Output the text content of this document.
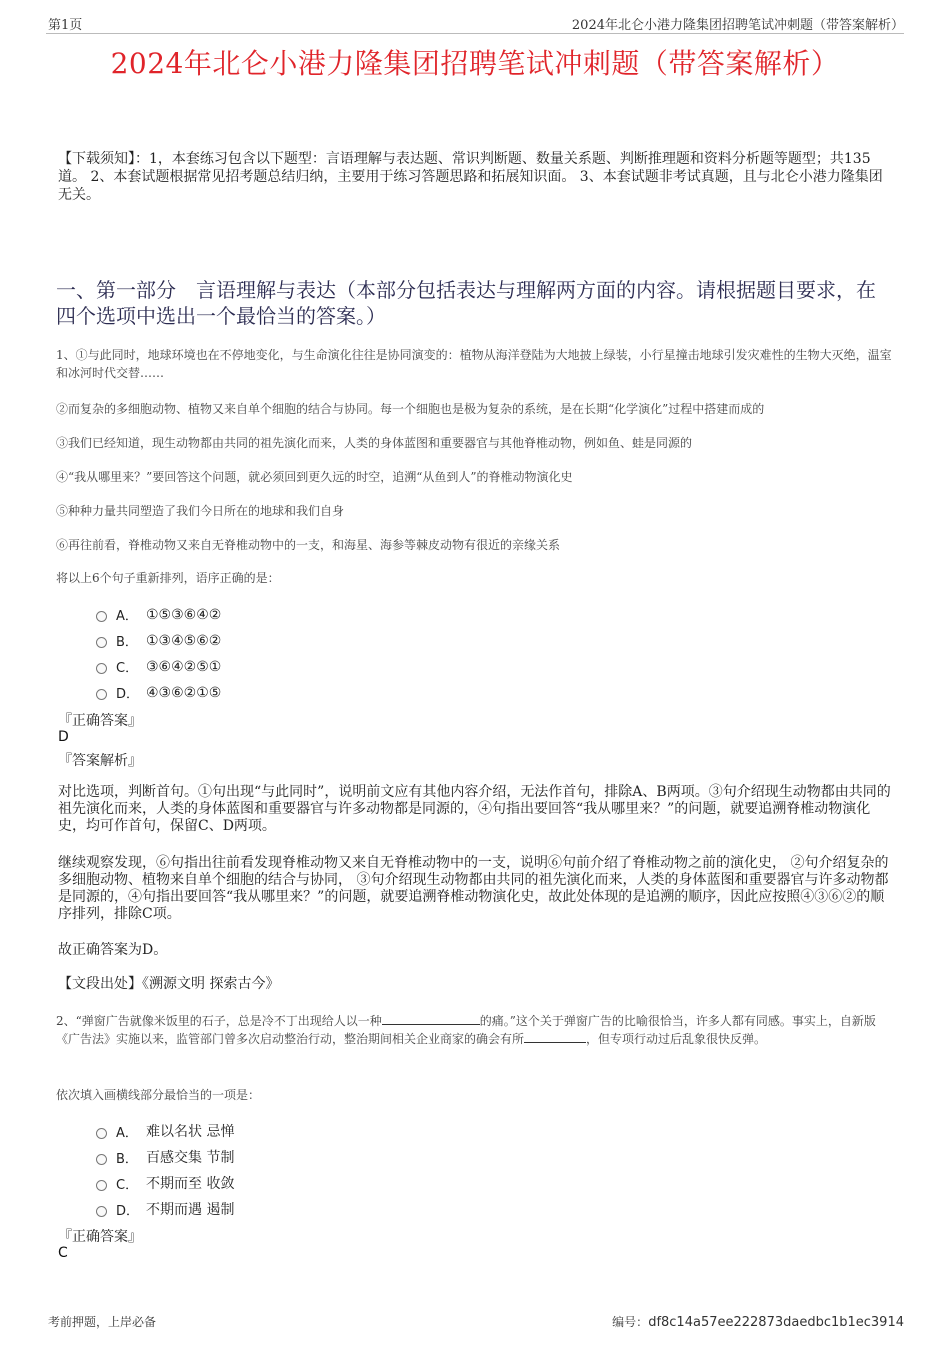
第1页	2024年北仑小港力隆集团招聘笔试冲刺题（带答案解析）
2024年北仑小港力隆集团招聘笔试冲刺题（带答案解析）
【下载须知】：1，本套练习包含以下题型：言语理解与表达题、常识判断题、数量关系题、判断推理题和资料分析题等题型；共135道。 2、本套试题根据常见招考题总结归纳，主要用于练习答题思路和拓展知识面。 3、本套试题非考试真题，且与北仑小港力隆集团无关。
一、第一部分　言语理解与表达（本部分包括表达与理解两方面的内容。请根据题目要求，在四个选项中选出一个最恰当的答案。）
1、①与此同时，地球环境也在不停地变化，与生命演化往往是协同演变的：植物从海洋登陆为大地披上绿装，小行星撞击地球引发灾难性的生物大灭绝，温室和冰河时代交替……
②而复杂的多细胞动物、植物又来自单个细胞的结合与协同。每一个细胞也是极为复杂的系统，是在长期“化学演化”过程中搭建而成的
③我们已经知道，现生动物都由共同的祖先演化而来，人类的身体蓝图和重要器官与其他脊椎动物，例如鱼、蛙是同源的
④“我从哪里来？”要回答这个问题，就必须回到更久远的时空，追溯“从鱼到人”的脊椎动物演化史
⑤种种力量共同塑造了我们今日所在的地球和我们自身
⑥再往前看，脊椎动物又来自无脊椎动物中的一支，和海星、海参等棘皮动物有很近的亲缘关系
将以上6个句子重新排列，语序正确的是：
A． ①⑤③⑥④②
B． ①③④⑤⑥②
C． ③⑥④②⑤①
D． ④③⑥②①⑤
『正确答案』
D
『答案解析』
对比选项，判断首句。①句出现“与此同时”，说明前文应有其他内容介绍，无法作首句，排除A、B两项。③句介绍现生动物都由共同的祖先演化而来，人类的身体蓝图和重要器官与许多动物都是同源的，④句指出要回答“我从哪里来？”的问题，就要追溯脊椎动物演化史，均可作首句，保留C、D两项。
继续观察发现，⑥句指出往前看发现脊椎动物又来自无脊椎动物中的一支，说明⑥句前介绍了脊椎动物之前的演化史， ②句介绍复杂的多细胞动物、植物来自单个细胞的结合与协同， ③句介绍现生动物都由共同的祖先演化而来，人类的身体蓝图和重要器官与许多动物都是同源的，④句指出要回答“我从哪里来？”的问题，就要追溯脊椎动物演化史，故此处体现的是追溯的顺序，因此应按照④③⑥②的顺序排列，排除C项。
故正确答案为D。
【文段出处】《溯源文明 探索古今》
2、“弹窗广告就像米饭里的石子，总是冷不丁出现给人以一种	的痛。”这个关于弹窗广告的比喻很恰当，许多人都有同感。事实上，自新版《广告法》实施以来，监管部门曾多次启动整治行动，整治期间相关企业商家的确会有所	，但专项行动过后乱象很快反弹。
依次填入画横线部分最恰当的一项是：
A． 难以名状 忌惮
B． 百感交集 节制
C． 不期而至 收敛
D． 不期而遇 遏制
『正确答案』
C
考前押题，上岸必备	编号：df8c14a57ee222873daedbc1b1ec3914
